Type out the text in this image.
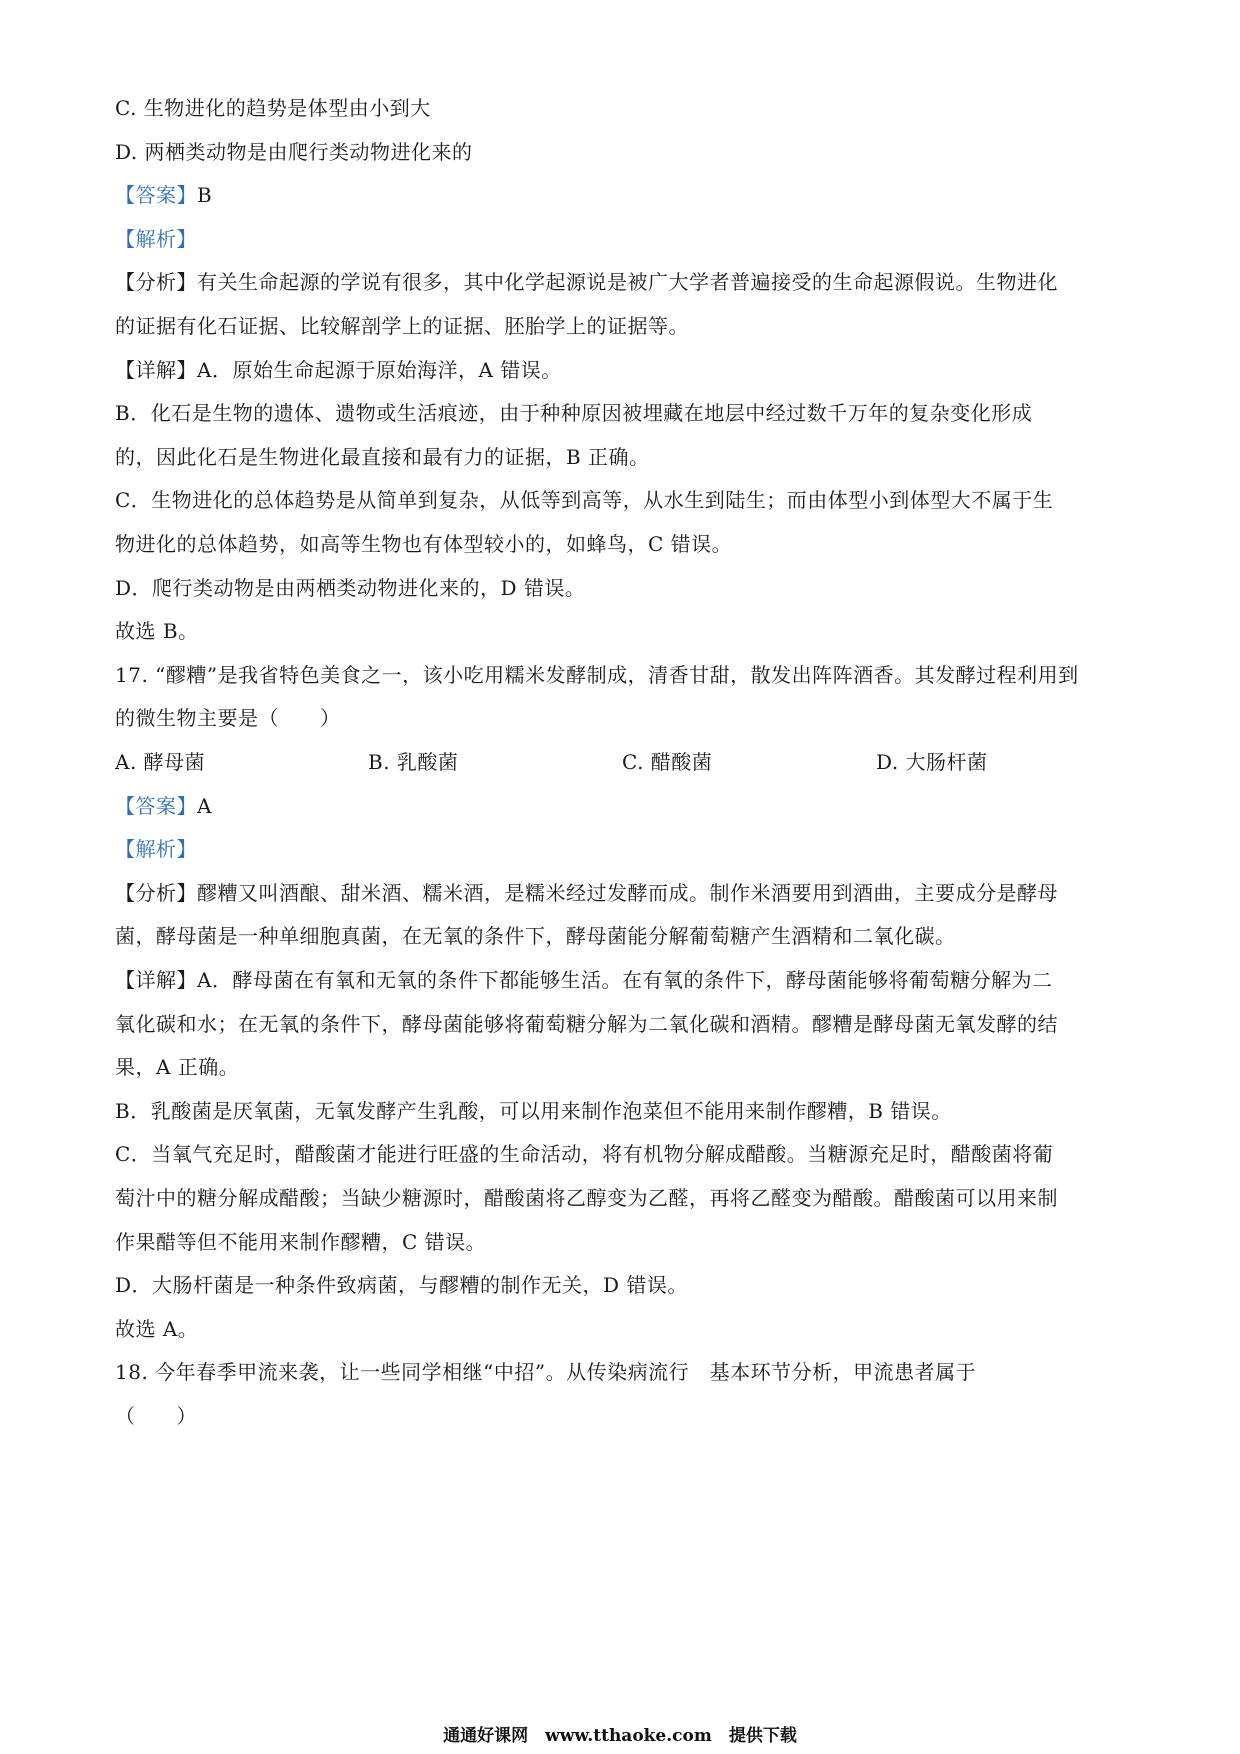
C. 生物进化的趋势是体型由小到大
D. 两栖类动物是由爬行类动物进化来的
【答案】B
【解析】
【分析】有关生命起源的学说有很多，其中化学起源说是被广大学者普遍接受的生命起源假说。生物进化
的证据有化石证据、比较解剖学上的证据、胚胎学上的证据等。
【详解】A．原始生命起源于原始海洋，A 错误。
B．化石是生物的遗体、遗物或生活痕迹，由于种种原因被埋藏在地层中经过数千万年的复杂变化形成
的，因此化石是生物进化最直接和最有力的证据，B 正确。
C．生物进化的总体趋势是从简单到复杂，从低等到高等，从水生到陆生；而由体型小到体型大不属于生
物进化的总体趋势，如高等生物也有体型较小的，如蜂鸟，C 错误。
D．爬行类动物是由两栖类动物进化来的，D 错误。
故选 B。
17. “醪糟”是我省特色美食之一，该小吃用糯米发酵制成，清香甘甜，散发出阵阵酒香。其发酵过程利用到
的微生物主要是（　　）
A. 酵母菌	B. 乳酸菌	C. 醋酸菌	D. 大肠杆菌
【答案】A
【解析】
【分析】醪糟又叫酒酿、甜米酒、糯米酒，是糯米经过发酵而成。制作米酒要用到酒曲，主要成分是酵母
菌，酵母菌是一种单细胞真菌，在无氧的条件下，酵母菌能分解葡萄糖产生酒精和二氧化碳。
【详解】A．酵母菌在有氧和无氧的条件下都能够生活。在有氧的条件下，酵母菌能够将葡萄糖分解为二
氧化碳和水；在无氧的条件下，酵母菌能够将葡萄糖分解为二氧化碳和酒精。醪糟是酵母菌无氧发酵的结
果，A 正确。
B．乳酸菌是厌氧菌，无氧发酵产生乳酸，可以用来制作泡菜但不能用来制作醪糟，B 错误。
C．当氧气充足时，醋酸菌才能进行旺盛的生命活动，将有机物分解成醋酸。当糖源充足时，醋酸菌将葡
萄汁中的糖分解成醋酸；当缺少糖源时，醋酸菌将乙醇变为乙醛，再将乙醛变为醋酸。醋酸菌可以用来制
作果醋等但不能用来制作醪糟，C 错误。
D．大肠杆菌是一种条件致病菌，与醪糟的制作无关，D 错误。
故选 A。
18. 今年春季甲流来袭，让一些同学相继“中招”。从传染病流行　基本环节分析，甲流患者属于
（　　）
通通好课网　www.tthaoke.com　提供下载
